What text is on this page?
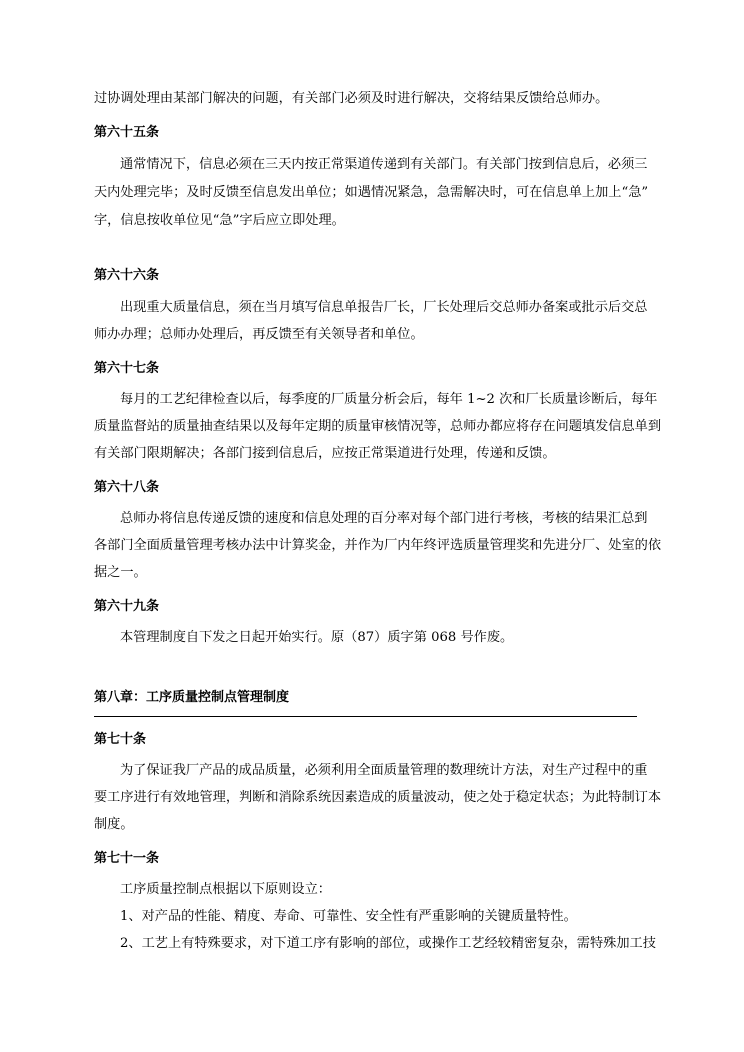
过协调处理由某部门解决的问题，有关部门必须及时进行解决，交将结果反馈给总师办。
第六十五条
通常情况下，信息必须在三天内按正常渠道传递到有关部门。有关部门按到信息后，必须三
天内处理完毕；及时反馈至信息发出单位；如遇情况紧急，急需解决时，可在信息单上加上“急”
字，信息按收单位见“急”字后应立即处理。
第六十六条
出现重大质量信息，须在当月填写信息单报告厂长，厂长处理后交总师办备案或批示后交总
师办办理；总师办处理后，再反馈至有关领导者和单位。
第六十七条
每月的工艺纪律检查以后，每季度的厂质量分析会后，每年 1~2 次和厂长质量诊断后，每年
质量监督站的质量抽查结果以及每年定期的质量审核情况等，总师办都应将存在问题填发信息单到
有关部门限期解决；各部门接到信息后，应按正常渠道进行处理，传递和反馈。
第六十八条
总师办将信息传递反馈的速度和信息处理的百分率对每个部门进行考核，考核的结果汇总到
各部门全面质量管理考核办法中计算奖金，并作为厂内年终评选质量管理奖和先进分厂、处室的依
据之一。
第六十九条
本管理制度自下发之日起开始实行。原（87）质字第 068 号作废。
第八章：工序质量控制点管理制度
第七十条
为了保证我厂产品的成品质量，必须利用全面质量管理的数理统计方法，对生产过程中的重
要工序进行有效地管理，判断和消除系统因素造成的质量波动，使之处于稳定状态；为此特制订本
制度。
第七十一条
工序质量控制点根据以下原则设立：
1、对产品的性能、精度、寿命、可靠性、安全性有严重影响的关键质量特性。
2、工艺上有特殊要求，对下道工序有影响的部位，或操作工艺经较精密复杂，需特殊加工技
